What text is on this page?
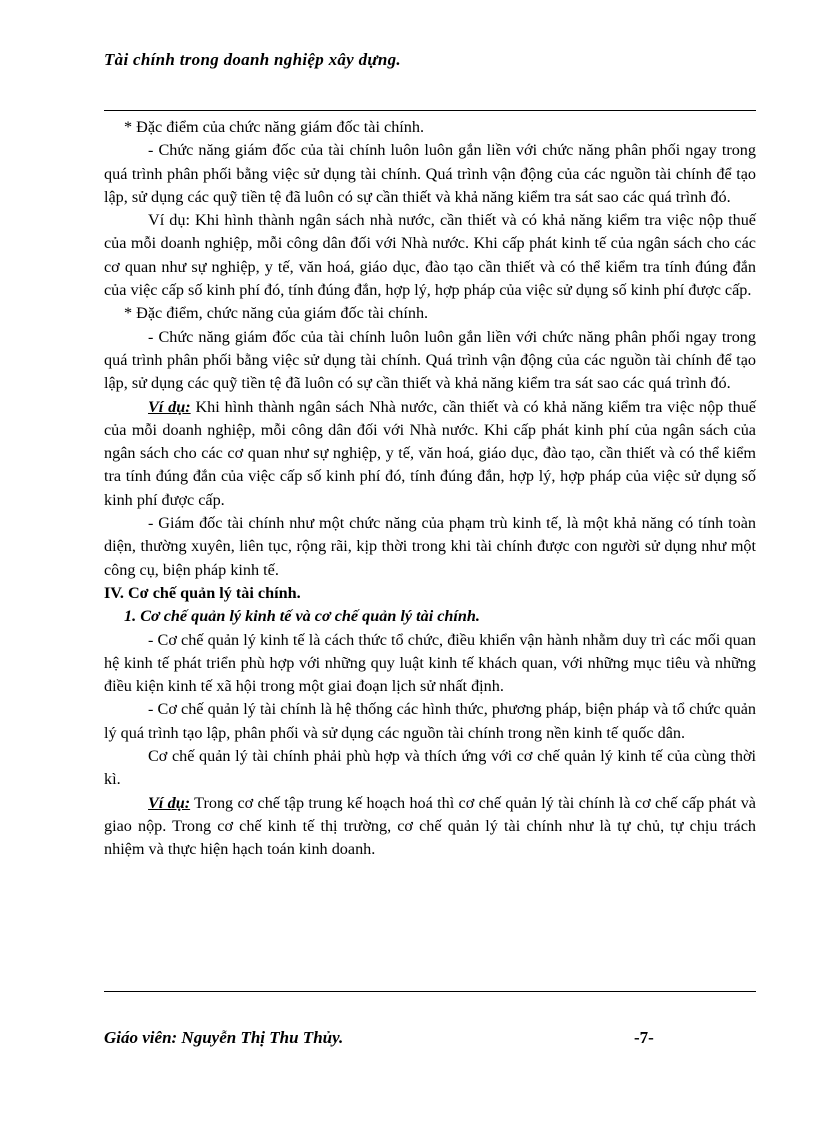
Tài chính trong doanh nghiệp xây dựng.

* Đặc điểm của chức năng giám đốc tài chính.

- Chức năng giám đốc của tài chính luôn luôn gắn liền với chức năng phân phối ngay trong quá trình phân phối bằng việc sử dụng tài chính. Quá trình vận động của các nguồn tài chính để tạo lập, sử dụng các quỹ tiền tệ đã luôn có sự cần thiết và khả năng kiểm tra sát sao các quá trình đó.

Ví dụ: Khi hình thành ngân sách nhà nước, cần thiết và có khả năng kiểm tra việc nộp thuế của mỗi doanh nghiệp, mỗi công dân đối với Nhà nước. Khi cấp phát kinh tế của ngân sách cho các cơ quan như sự nghiệp, y tế, văn hoá, giáo dục, đào tạo cần thiết và có thể kiểm tra tính đúng đắn của việc cấp số kinh phí đó, tính đúng đắn, hợp lý, hợp pháp của việc sử dụng số kinh phí được cấp.

* Đặc điểm, chức năng của giám đốc tài chính.

- Chức năng giám đốc của tài chính luôn luôn gắn liền với chức năng phân phối ngay trong quá trình phân phối bằng việc sử dụng tài chính. Quá trình vận động của các nguồn tài chính để tạo lập, sử dụng các quỹ tiền tệ đã luôn có sự cần thiết và khả năng kiểm tra sát sao các quá trình đó.

Ví dụ: Khi hình thành ngân sách Nhà nước, cần thiết và có khả năng kiểm tra việc nộp thuế của mỗi doanh nghiệp, mỗi công dân đối với Nhà nước. Khi cấp phát kinh phí của ngân sách của ngân sách cho các cơ quan như sự nghiệp, y tế, văn hoá, giáo dục, đào tạo, cần thiết và có thể kiểm tra tính đúng đắn của việc cấp số kinh phí đó, tính đúng đắn, hợp lý, hợp pháp của việc sử dụng số kinh phí được cấp.

- Giám đốc tài chính như một chức năng của phạm trù kinh tế, là một khả năng có tính toàn diện, thường xuyên, liên tục, rộng rãi, kịp thời trong khi tài chính được con người sử dụng như một công cụ, biện pháp kinh tế.

IV. Cơ chế quản lý tài chính.

1. Cơ chế quản lý kinh tế và cơ chế quản lý tài chính.

- Cơ chế quản lý kinh tế là cách thức tổ chức, điều khiển vận hành nhằm duy trì các mối quan hệ kinh tế phát triển phù hợp với những quy luật kinh tế khách quan, với những mục tiêu và những điều kiện kinh tế xã hội trong một giai đoạn lịch sử nhất định.

- Cơ chế quản lý tài chính là hệ thống các hình thức, phương pháp, biện pháp và tổ chức quản lý quá trình tạo lập, phân phối và sử dụng các nguồn tài chính trong nền kinh tế quốc dân.

Cơ chế quản lý tài chính phải phù hợp và thích ứng với cơ chế quản lý kinh tế của cùng thời kì.

Ví dụ: Trong cơ chế tập trung kế hoạch hoá thì cơ chế quản lý tài chính là cơ chế cấp phát và giao nộp. Trong cơ chế kinh tế thị trường, cơ chế quản lý tài chính như là tự chủ, tự chịu trách nhiệm và thực hiện hạch toán kinh doanh.

Giáo viên: Nguyễn Thị Thu Thủy.	-7-
